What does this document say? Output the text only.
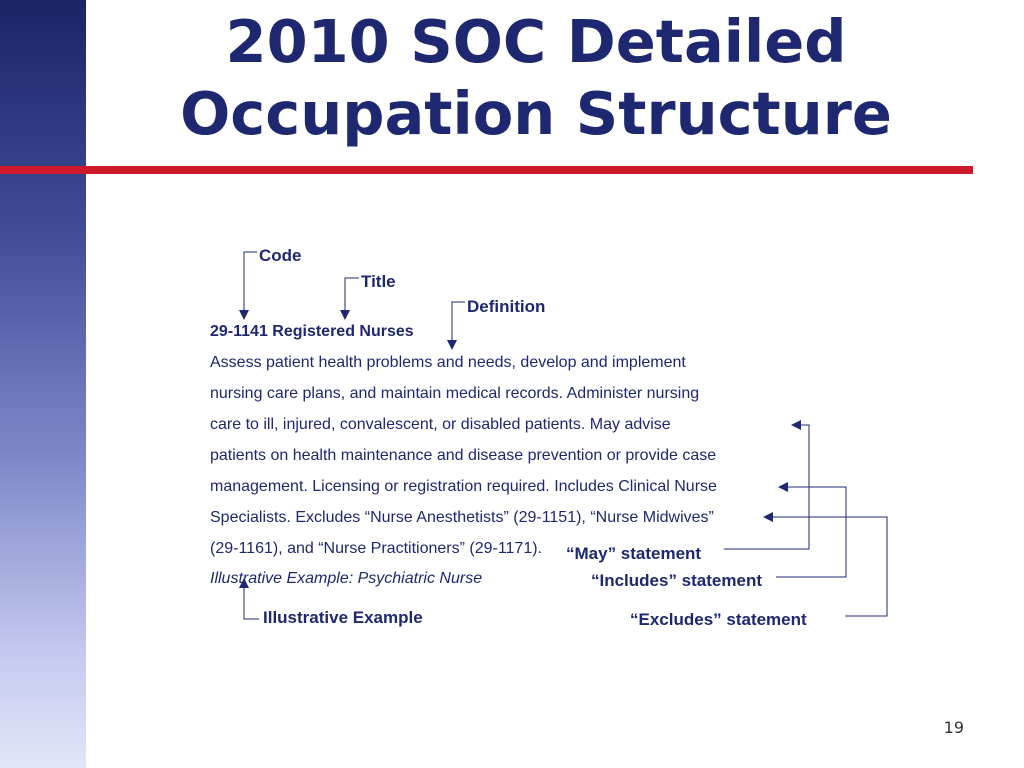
2010 SOC Detailed Occupation Structure
Code
Title
Definition
29-1141 Registered Nurses
Assess patient health problems and needs, develop and implement
nursing care plans, and maintain medical records. Administer nursing
care to ill, injured, convalescent, or disabled patients. May advise
patients on health maintenance and disease prevention or provide case
management. Licensing or registration required. Includes Clinical Nurse
Specialists. Excludes “Nurse Anesthetists” (29-1151), “Nurse Midwives”
(29-1161), and “Nurse Practitioners” (29-1171).
Illustrative Example: Psychiatric Nurse
“May” statement
“Includes” statement
Illustrative Example	“Excludes” statement
19
